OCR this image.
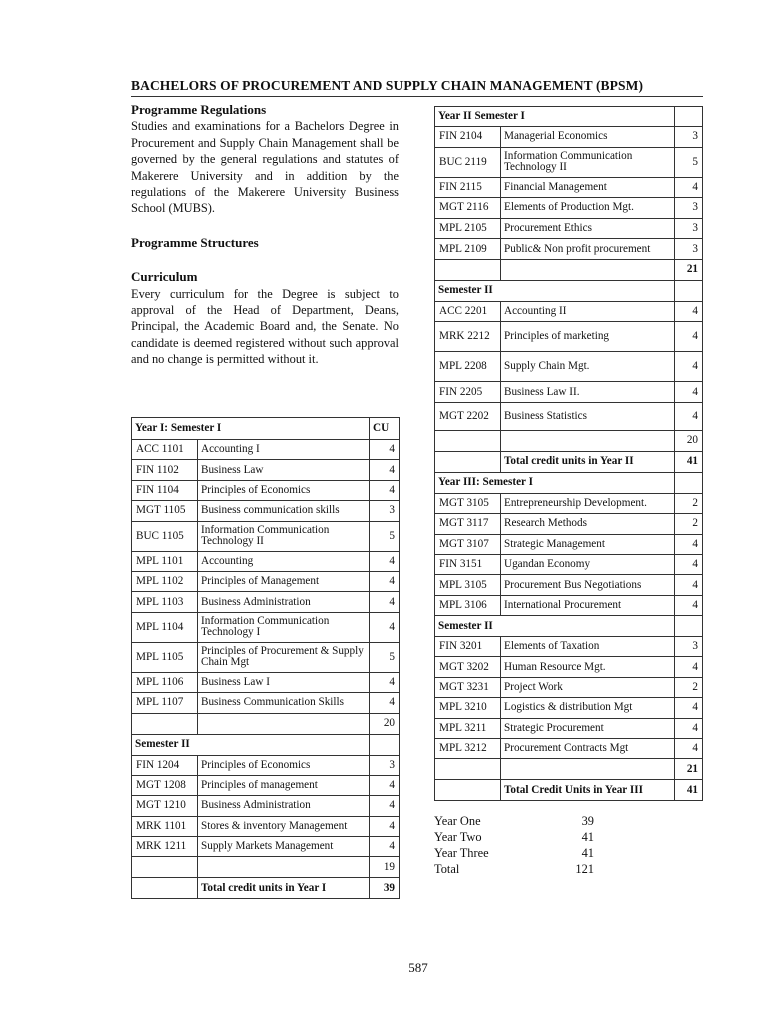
BACHELORS OF PROCUREMENT AND SUPPLY CHAIN MANAGEMENT (BPSM)

Programme Regulations

Studies and examinations for a Bachelors Degree in Procurement and Supply Chain Management shall be governed by the general regulations and statutes of Makerere University and in addition by the regulations of the Makerere University Business School (MUBS).

Programme Structures

Curriculum

Every curriculum for the Degree is subject to approval of the Head of Department, Deans, Principal, the Academic Board and, the Senate. No candidate is deemed registered without such approval and no change is permitted without it.

Year I: Semester I		CU
ACC 1101	Accounting I	4
FIN 1102	Business Law	4
FIN 1104	Principles of Economics	4
MGT 1105	Business communication skills	3
BUC 1105	Information Communication Technology II	5
MPL 1101	Accounting	4
MPL 1102	Principles of Management	4
MPL 1103	Business Administration	4
MPL 1104	Information Communication Technology I	4
MPL 1105	Principles of Procurement & Supply Chain Mgt	5
MPL 1106	Business Law I	4
MPL 1107	Business Communication Skills	4
		20
Semester II		
FIN 1204	Principles of Economics	3
MGT 1208	Principles of management	4
MGT 1210	Business Administration	4
MRK 1101	Stores & inventory Management	4
MRK 1211	Supply Markets Management	4
		19
	Total credit units in Year I	39
Year II Semester I		
FIN 2104	Managerial Economics	3
BUC 2119	Information Communication Technology II	5
FIN 2115	Financial Management	4
MGT 2116	Elements of Production Mgt.	3
MPL 2105	Procurement Ethics	3
MPL 2109	Public& Non profit procurement	3
		21
Semester II		
ACC 2201	Accounting II	4
MRK 2212	Principles of marketing	4
MPL 2208	Supply Chain Mgt.	4
FIN 2205	Business Law II.	4
MGT 2202	Business Statistics	4
		20
	Total credit units in Year II	41
Year III: Semester I		
MGT 3105	Entrepreneurship Development.	2
MGT 3117	Research Methods	2
MGT 3107	Strategic Management	4
FIN 3151	Ugandan Economy	4
MPL 3105	Procurement Bus Negotiations	4
MPL 3106	International Procurement	4
Semester II		
FIN 3201	Elements of Taxation	3
MGT 3202	Human Resource Mgt.	4
MGT 3231	Project Work	2
MPL 3210	Logistics & distribution Mgt	4
MPL 3211	Strategic Procurement	4
MPL 3212	Procurement Contracts Mgt	4
		21
	Total Credit Units in Year III	41
Year One	39
Year Two	41
Year Three	41
Total	121
587
